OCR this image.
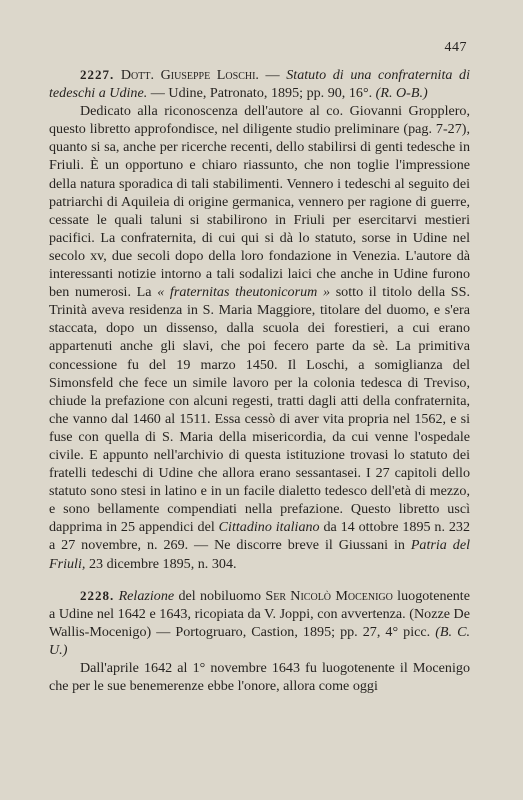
447

2227. Dott. Giuseppe Loschi. — Statuto di una confraternita di tedeschi a Udine. — Udine, Patronato, 1895; pp. 90, 16°. (R. O-B.)

Dedicato alla riconoscenza dell'autore al co. Giovanni Gropplero, questo libretto approfondisce, nel diligente studio preliminare (pag. 7-27), quanto si sa, anche per ricerche recenti, dello stabilirsi di genti tedesche in Friuli. È un opportuno e chiaro riassunto, che non toglie l'impressione della natura sporadica di tali stabilimenti. Vennero i tedeschi al seguito dei patriarchi di Aquileia di origine germanica, vennero per ragione di guerre, cessate le quali taluni si stabilirono in Friuli per esercitarvi mestieri pacifici. La confraternita, di cui qui si dà lo statuto, sorse in Udine nel secolo xv, due secoli dopo della loro fondazione in Venezia. L'autore dà interessanti notizie intorno a tali sodalizi laici che anche in Udine furono ben numerosi. La « fraternitas theutonicorum » sotto il titolo della SS. Trinità aveva residenza in S. Maria Maggiore, titolare del duomo, e s'era staccata, dopo un dissenso, dalla scuola dei forestieri, a cui erano appartenuti anche gli slavi, che poi fecero parte da sè. La primitiva concessione fu del 19 marzo 1450. Il Loschi, a somiglianza del Simonsfeld che fece un simile lavoro per la colonia tedesca di Treviso, chiude la prefazione con alcuni regesti, tratti dagli atti della confraternita, che vanno dal 1460 al 1511. Essa cessò di aver vita propria nel 1562, e si fuse con quella di S. Maria della misericordia, da cui venne l'ospedale civile. E appunto nell'archivio di questa istituzione trovasi lo statuto dei fratelli tedeschi di Udine che allora erano sessantasei. I 27 capitoli dello statuto sono stesi in latino e in un facile dialetto tedesco dell'età di mezzo, e sono bellamente compendiati nella prefazione. Questo libretto uscì dapprima in 25 appendici del Cittadino italiano da 14 ottobre 1895 n. 232 a 27 novembre, n. 269. — Ne discorre breve il Giussani in Patria del Friuli, 23 dicembre 1895, n. 304.

2228. Relazione del nobiluomo Ser Nicolò Mocenigo luogotenente a Udine nel 1642 e 1643, ricopiata da V. Joppi, con avvertenza. (Nozze De Wallis-Mocenigo) — Portogruaro, Castion, 1895; pp. 27, 4° picc. (B. C. U.)

Dall'aprile 1642 al 1° novembre 1643 fu luogotenente il Mocenigo che per le sue benemerenze ebbe l'onore, allora come oggi
